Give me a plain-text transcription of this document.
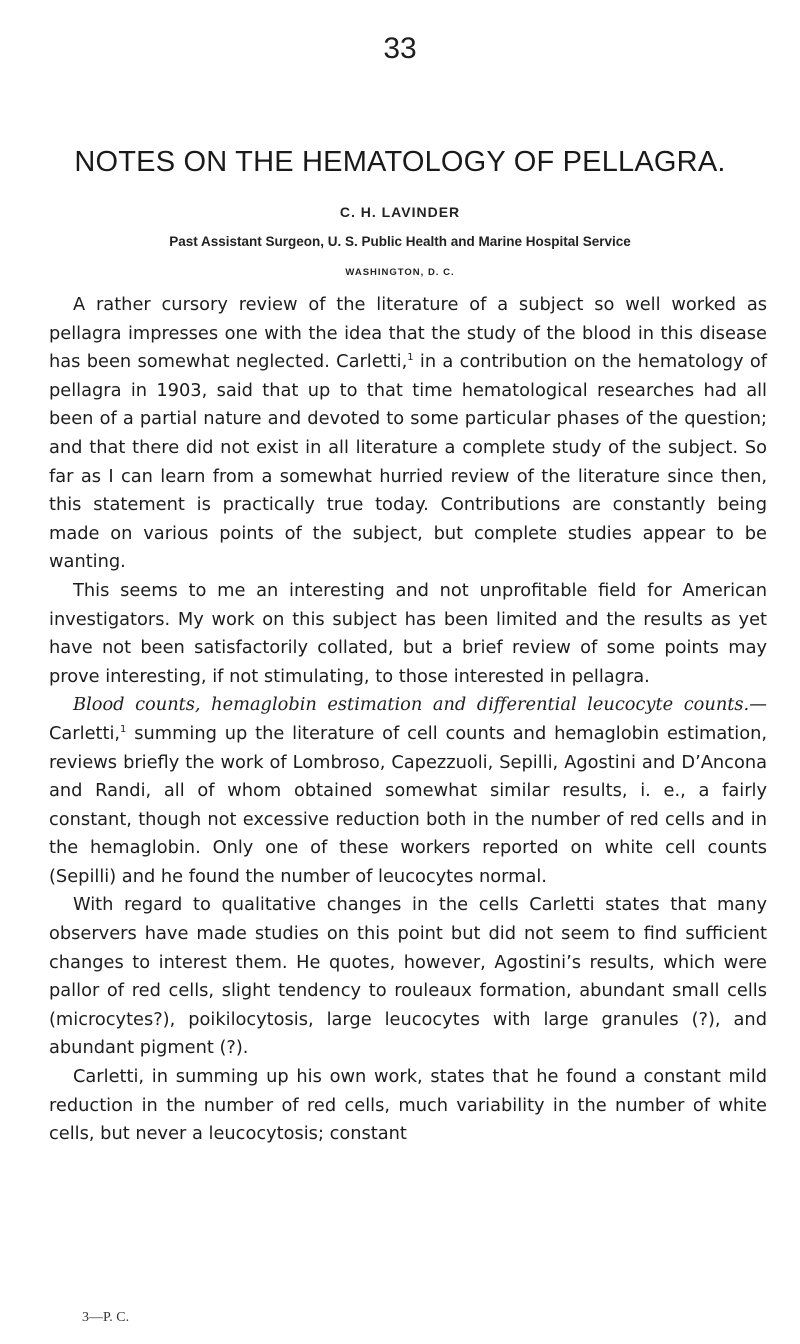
33
NOTES ON THE HEMATOLOGY OF PELLAGRA.
C. H. LAVINDER
Past Assistant Surgeon, U. S. Public Health and Marine Hospital Service
WASHINGTON, D. C.

A rather cursory review of the literature of a subject so well worked as pellagra impresses one with the idea that the study of the blood in this disease has been somewhat neglected. Carletti,$^1$ in a contribution on the hematology of pellagra in 1903, said that up to that time hematological researches had all been of a partial nature and devoted to some particular phases of the question; and that there did not exist in all literature a complete study of the subject. So far as I can learn from a somewhat hurried review of the literature since then, this statement is practically true today. Contributions are constantly being made on various points of the subject, but complete studies appear to be wanting.

This seems to me an interesting and not unprofitable field for American investigators. My work on this subject has been limited and the results as yet have not been satisfactorily collated, but a brief review of some points may prove interesting, if not stimulating, to those interested in pellagra.

Blood counts, hemaglobin estimation and differential leucocyte counts.—Carletti,$^1$ summing up the literature of cell counts and hemaglobin estimation, reviews briefly the work of Lombroso, Capezzuoli, Sepilli, Agostini and D’Ancona and Randi, all of whom obtained somewhat similar results, i. e., a fairly constant, though not excessive reduction both in the number of red cells and in the hemaglobin. Only one of these workers reported on white cell counts (Sepilli) and he found the number of leucocytes normal.

With regard to qualitative changes in the cells Carletti states that many observers have made studies on this point but did not seem to find sufficient changes to interest them. He quotes, however, Agostini’s results, which were pallor of red cells, slight tendency to rouleaux formation, abundant small cells (microcytes?), poikilocytosis, large leucocytes with large granules (?), and abundant pigment (?).

Carletti, in summing up his own work, states that he found a constant mild reduction in the number of red cells, much variability in the number of white cells, but never a leucocytosis; constant

3—P. C.
